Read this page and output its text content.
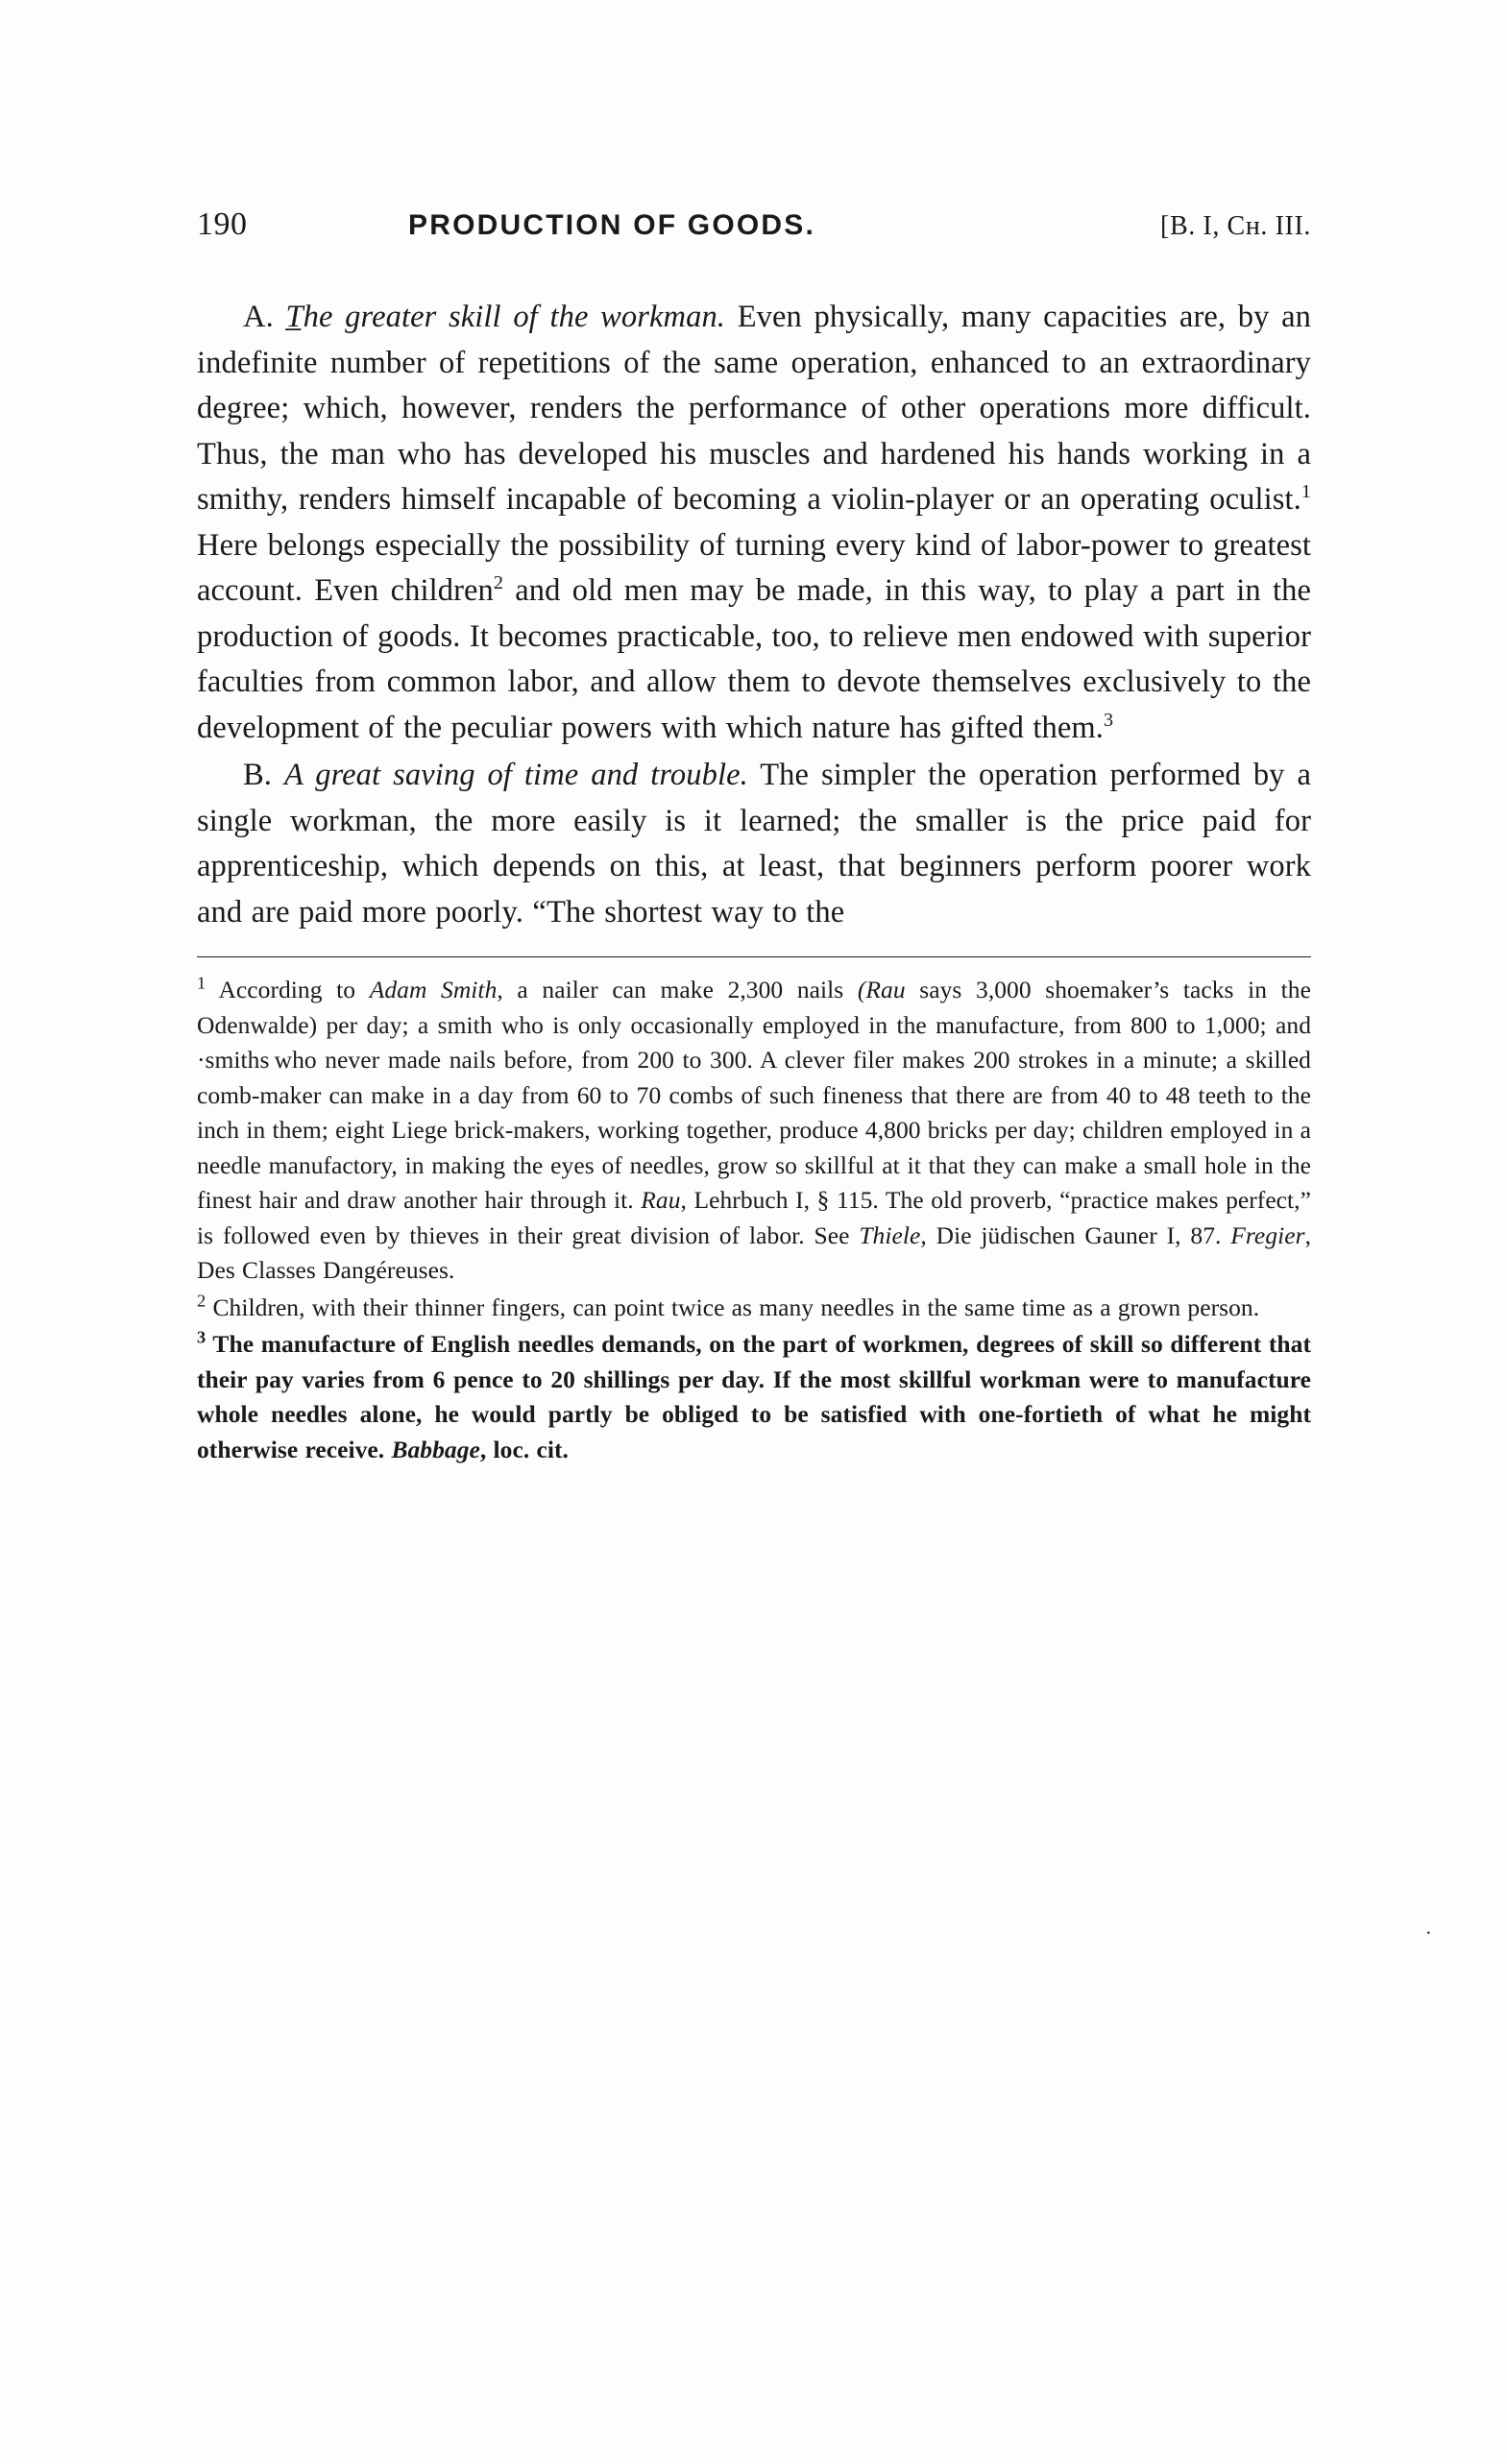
190	PRODUCTION OF GOODS.	[B. I, Cʜ. III.

A. T̲he greater skill of the workman. Even physically, many capacities are, by an indefinite number of repetitions of the same operation, enhanced to an extraordinary degree; which, however, renders the performance of other operations more difficult. Thus, the man who has developed his muscles and hardened his hands working in a smithy, renders himself incapable of becoming a violin-player or an operating oculist.$^1$ Here belongs especially the possibility of turning every kind of labor-power to greatest account. Even children$^2$ and old men may be made, in this way, to play a part in the production of goods. It becomes practicable, too, to relieve men endowed with superior faculties from common labor, and allow them to devote themselves exclusively to the development of the peculiar powers with which nature has gifted them.$^3$

B. A great saving of time and trouble. The simpler the operation performed by a single workman, the more easily is it learned; the smaller is the price paid for apprenticeship, which depends on this, at least, that beginners perform poorer work and are paid more poorly. “The shortest way to the

$^1$ According to Adam Smith, a nailer can make 2,300 nails (Rau says 3,000 shoemaker’s tacks in the Odenwalde) per day; a smith who is only occasionally employed in the manufacture, from 800 to 1,000; and ·smiths who never made nails before, from 200 to 300. A clever filer makes 200 strokes in a minute; a skilled comb-maker can make in a day from 60 to 70 combs of such fineness that there are from 40 to 48 teeth to the inch in them; eight Liege brick-makers, working together, produce 4,800 bricks per day; children employed in a needle manufactory, in making the eyes of needles, grow so skillful at it that they can make a small hole in the finest hair and draw another hair through it. Rau, Lehrbuch I, § 115. The old proverb, “practice makes perfect,” is followed even by thieves in their great division of labor. See Thiele, Die jüdischen Gauner I, 87. Fregier, Des Classes Dangéreuses.

$^2$ Children, with their thinner fingers, can point twice as many needles in the same time as a grown person.

$^3$ The manufacture of English needles demands, on the part of workmen, degrees of skill so different that their pay varies from 6 pence to 20 shillings per day. If the most skillful workman were to manufacture whole needles alone, he would partly be obliged to be satisfied with one-fortieth of what he might otherwise receive. Babbage, loc. cit.

·
